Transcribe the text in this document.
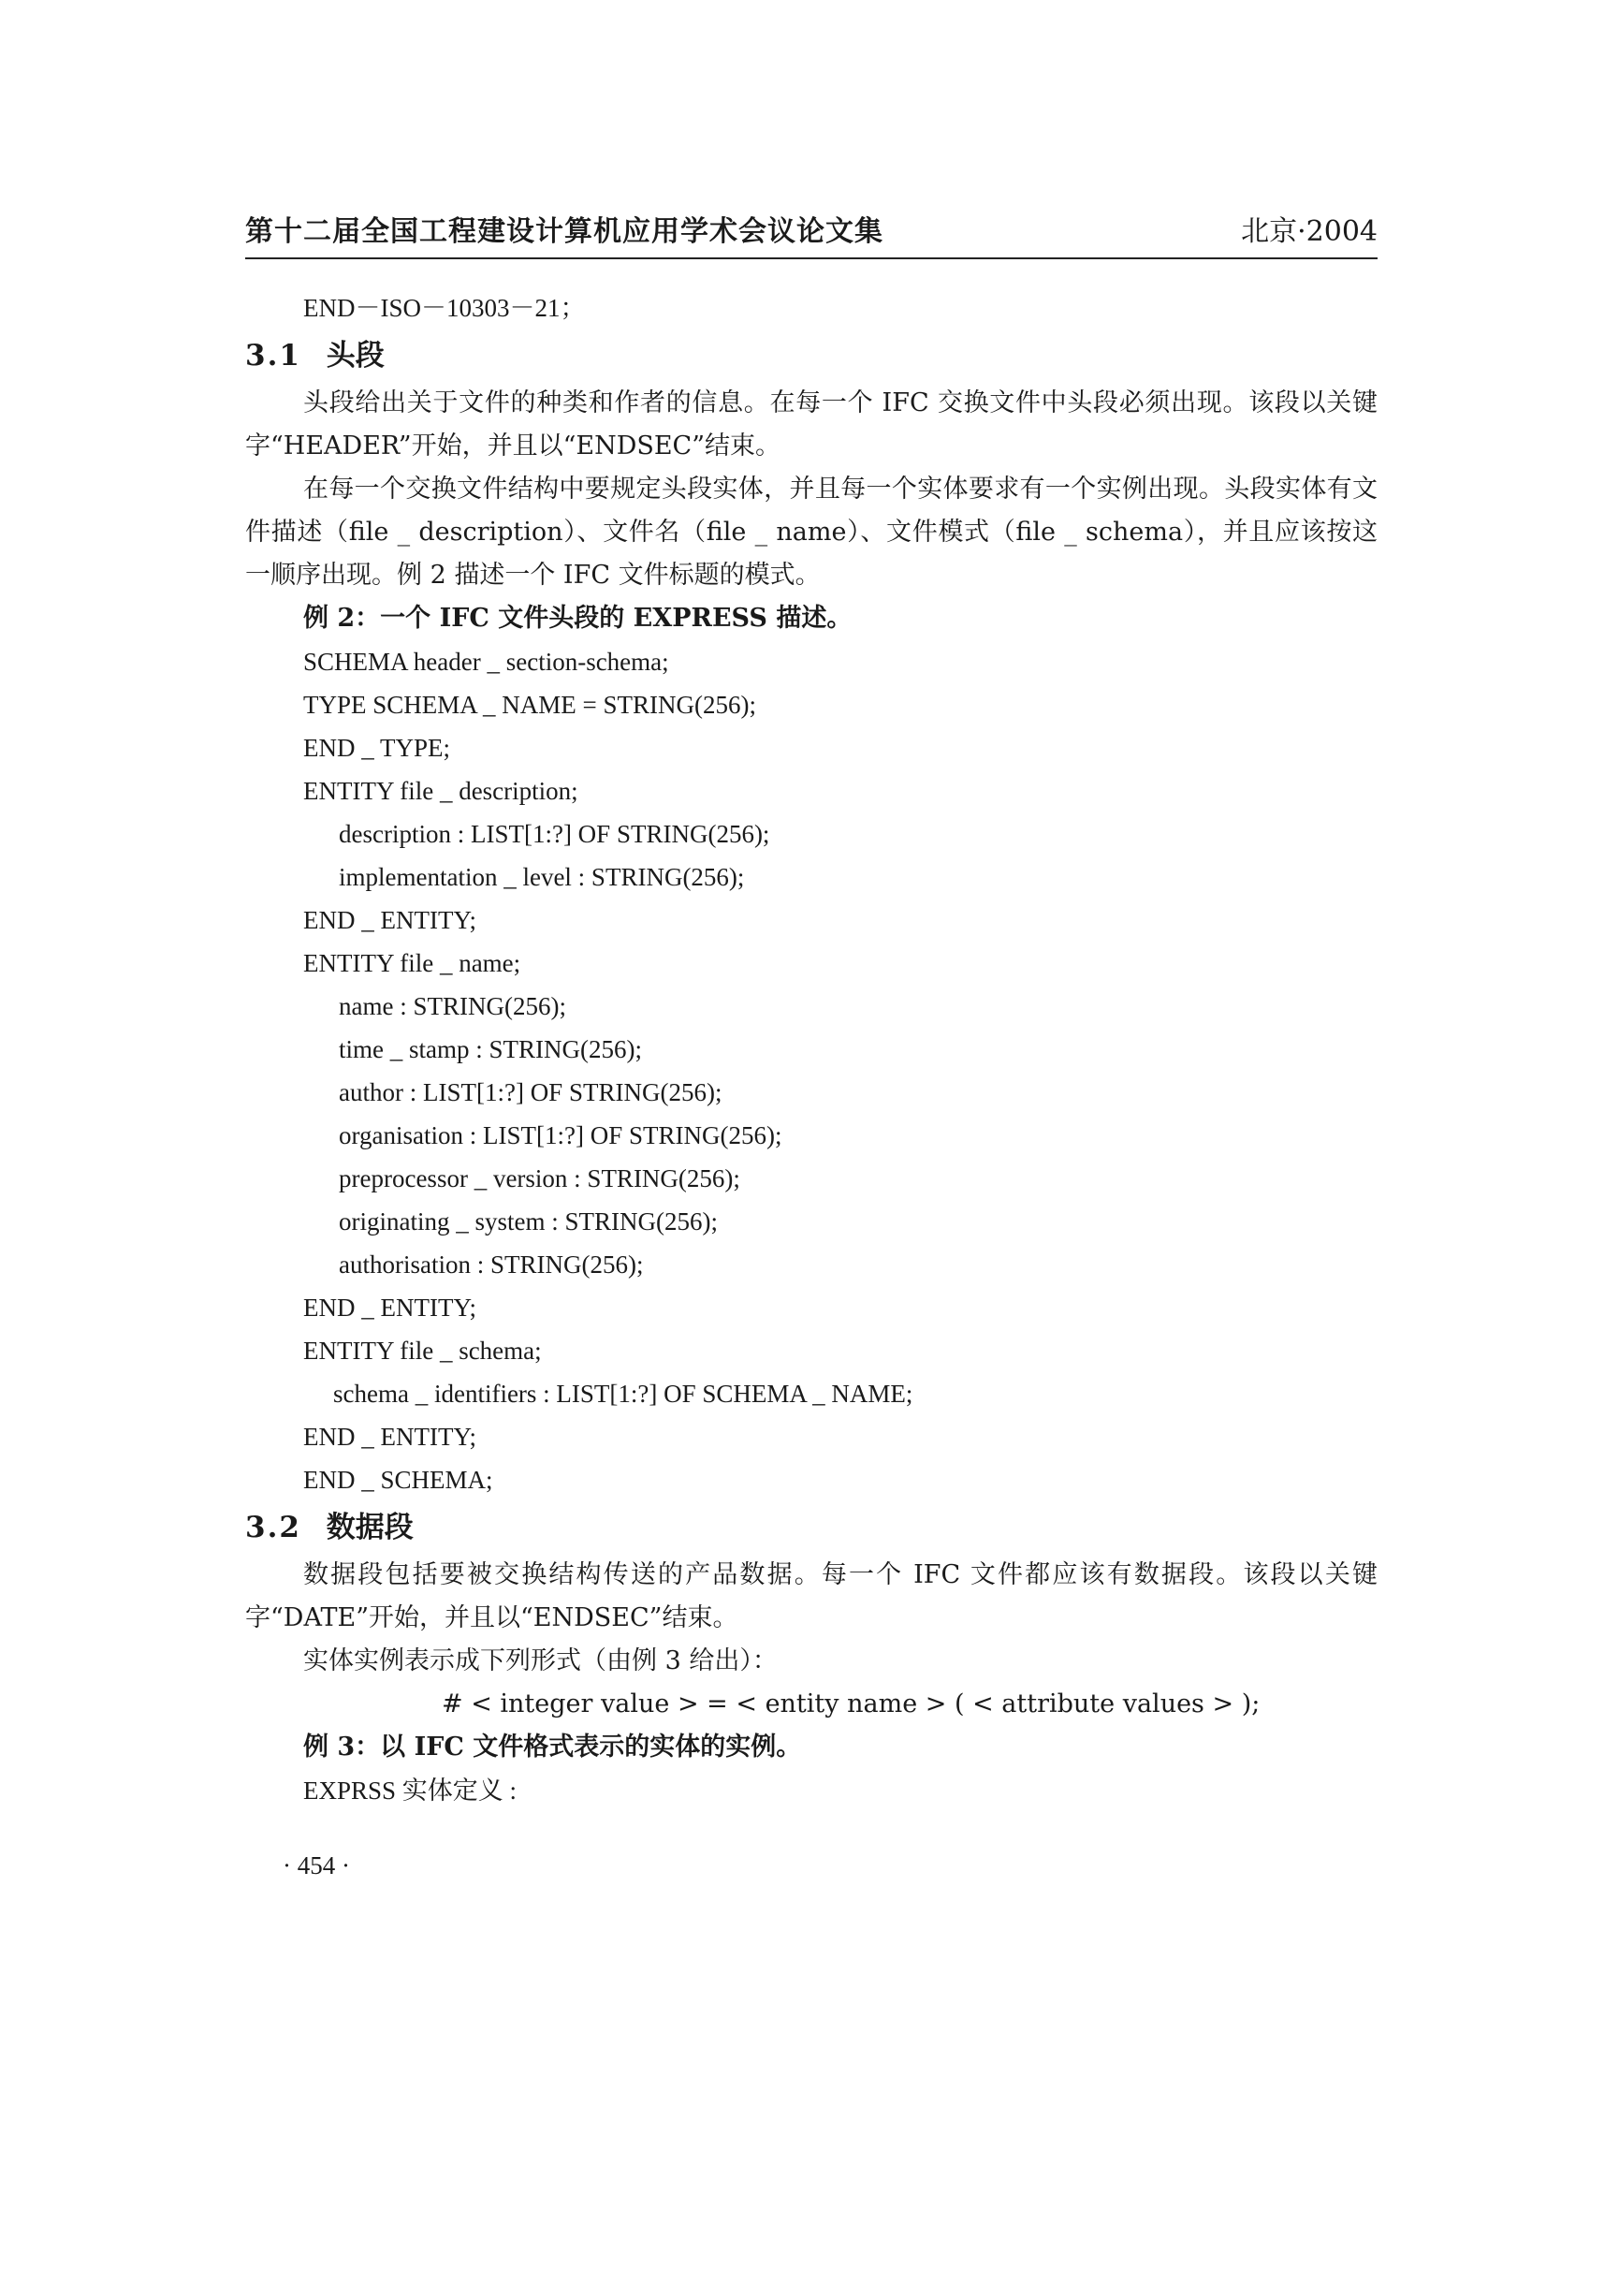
第十二届全国工程建设计算机应用学术会议论文集	北京·2004
END－ISO－10303－21；
3.1 头段
头段给出关于文件的种类和作者的信息。在每一个 IFC 交换文件中头段必须出现。该段以关键字“HEADER”开始，并且以“ENDSEC”结束。
在每一个交换文件结构中要规定头段实体，并且每一个实体要求有一个实例出现。头段实体有文件描述（file _ description）、文件名（file _ name）、文件模式（file _ schema），并且应该按这一顺序出现。例 2 描述一个 IFC 文件标题的模式。
例 2：一个 IFC 文件头段的 EXPRESS 描述。
SCHEMA header _ section-schema;
TYPE SCHEMA _ NAME = STRING(256);
END _ TYPE;
ENTITY file _ description;
description : LIST[1:?] OF STRING(256);
implementation _ level : STRING(256);
END _ ENTITY;
ENTITY file _ name;
name : STRING(256);
time _ stamp : STRING(256);
author : LIST[1:?] OF STRING(256);
organisation : LIST[1:?] OF STRING(256);
preprocessor _ version : STRING(256);
originating _ system : STRING(256);
authorisation : STRING(256);
END _ ENTITY;
ENTITY file _ schema;
schema _ identifiers : LIST[1:?] OF SCHEMA _ NAME;
END _ ENTITY;
END _ SCHEMA;
3.2 数据段
数据段包括要被交换结构传送的产品数据。每一个 IFC 文件都应该有数据段。该段以关键字“DATE”开始，并且以“ENDSEC”结束。
实体实例表示成下列形式（由例 3 给出）：
# < integer value > = < entity name > ( < attribute values > );
例 3：以 IFC 文件格式表示的实体的实例。
EXPRSS 实体定义 :
· 454 ·
